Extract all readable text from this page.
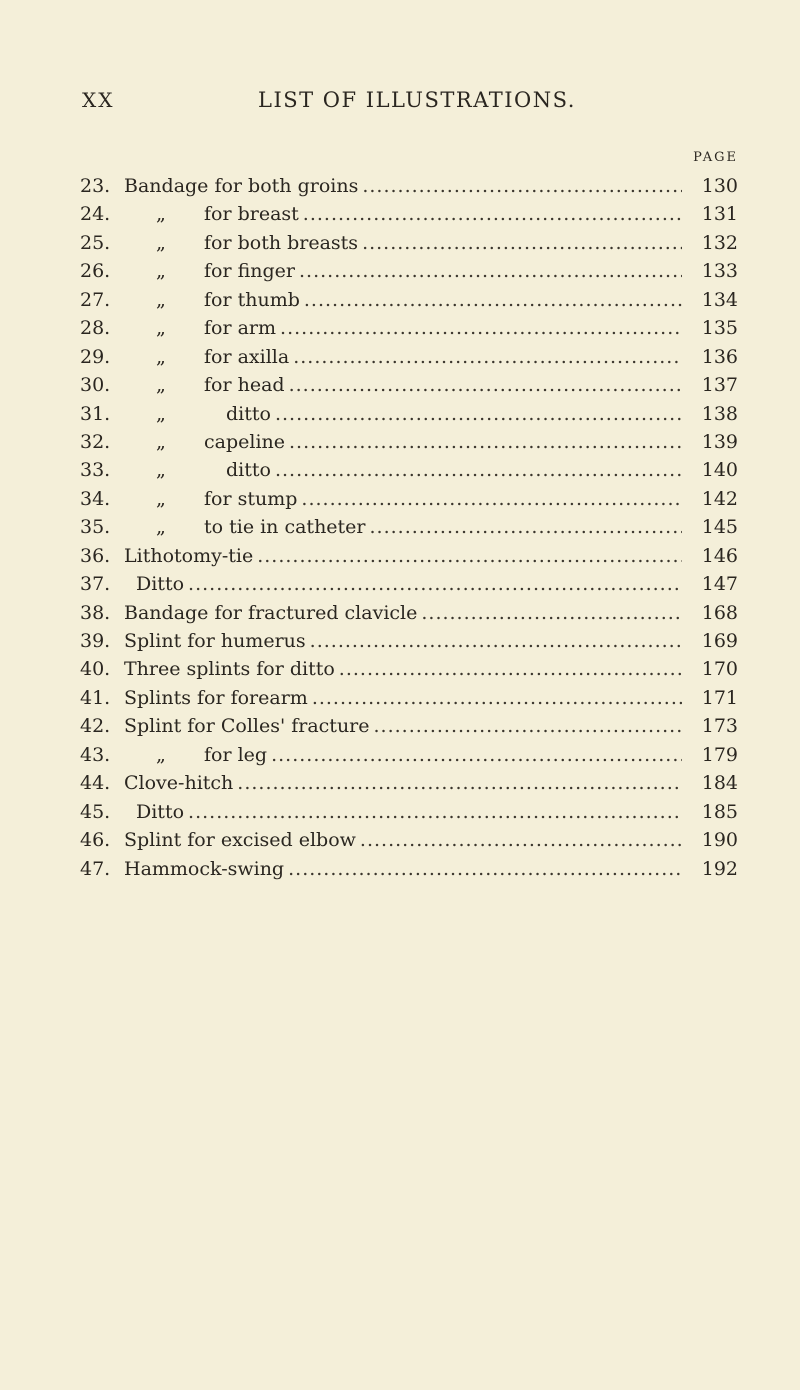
XX	LIST OF ILLUSTRATIONS.
PAGE
23. Bandage for both groins .....	130
24. „	for breast .....	131
25. „	for both breasts .....	132
26. „	for finger .....	133
27. „	for thumb .....	134
28. „	for arm .....	135
29. „	for axilla .....	136
30. „	for head .....	137
31. „	ditto .....	138
32. „	capeline .....	139
33. „	ditto .....	140
34. „	for stump .....	142
35. „	to tie in catheter .....	145
36. Lithotomy-tie .....	146
37.	Ditto .....	147
38. Bandage for fractured clavicle .....	168
39. Splint for humerus .....	169
40. Three splints for ditto .....	170
41. Splints for forearm .....	171
42. Splint for Colles' fracture .....	173
43. „	for leg .....	179
44. Clove-hitch .....	184
45.	Ditto .....	185
46. Splint for excised elbow .....	190
47. Hammock-swing .....	192
